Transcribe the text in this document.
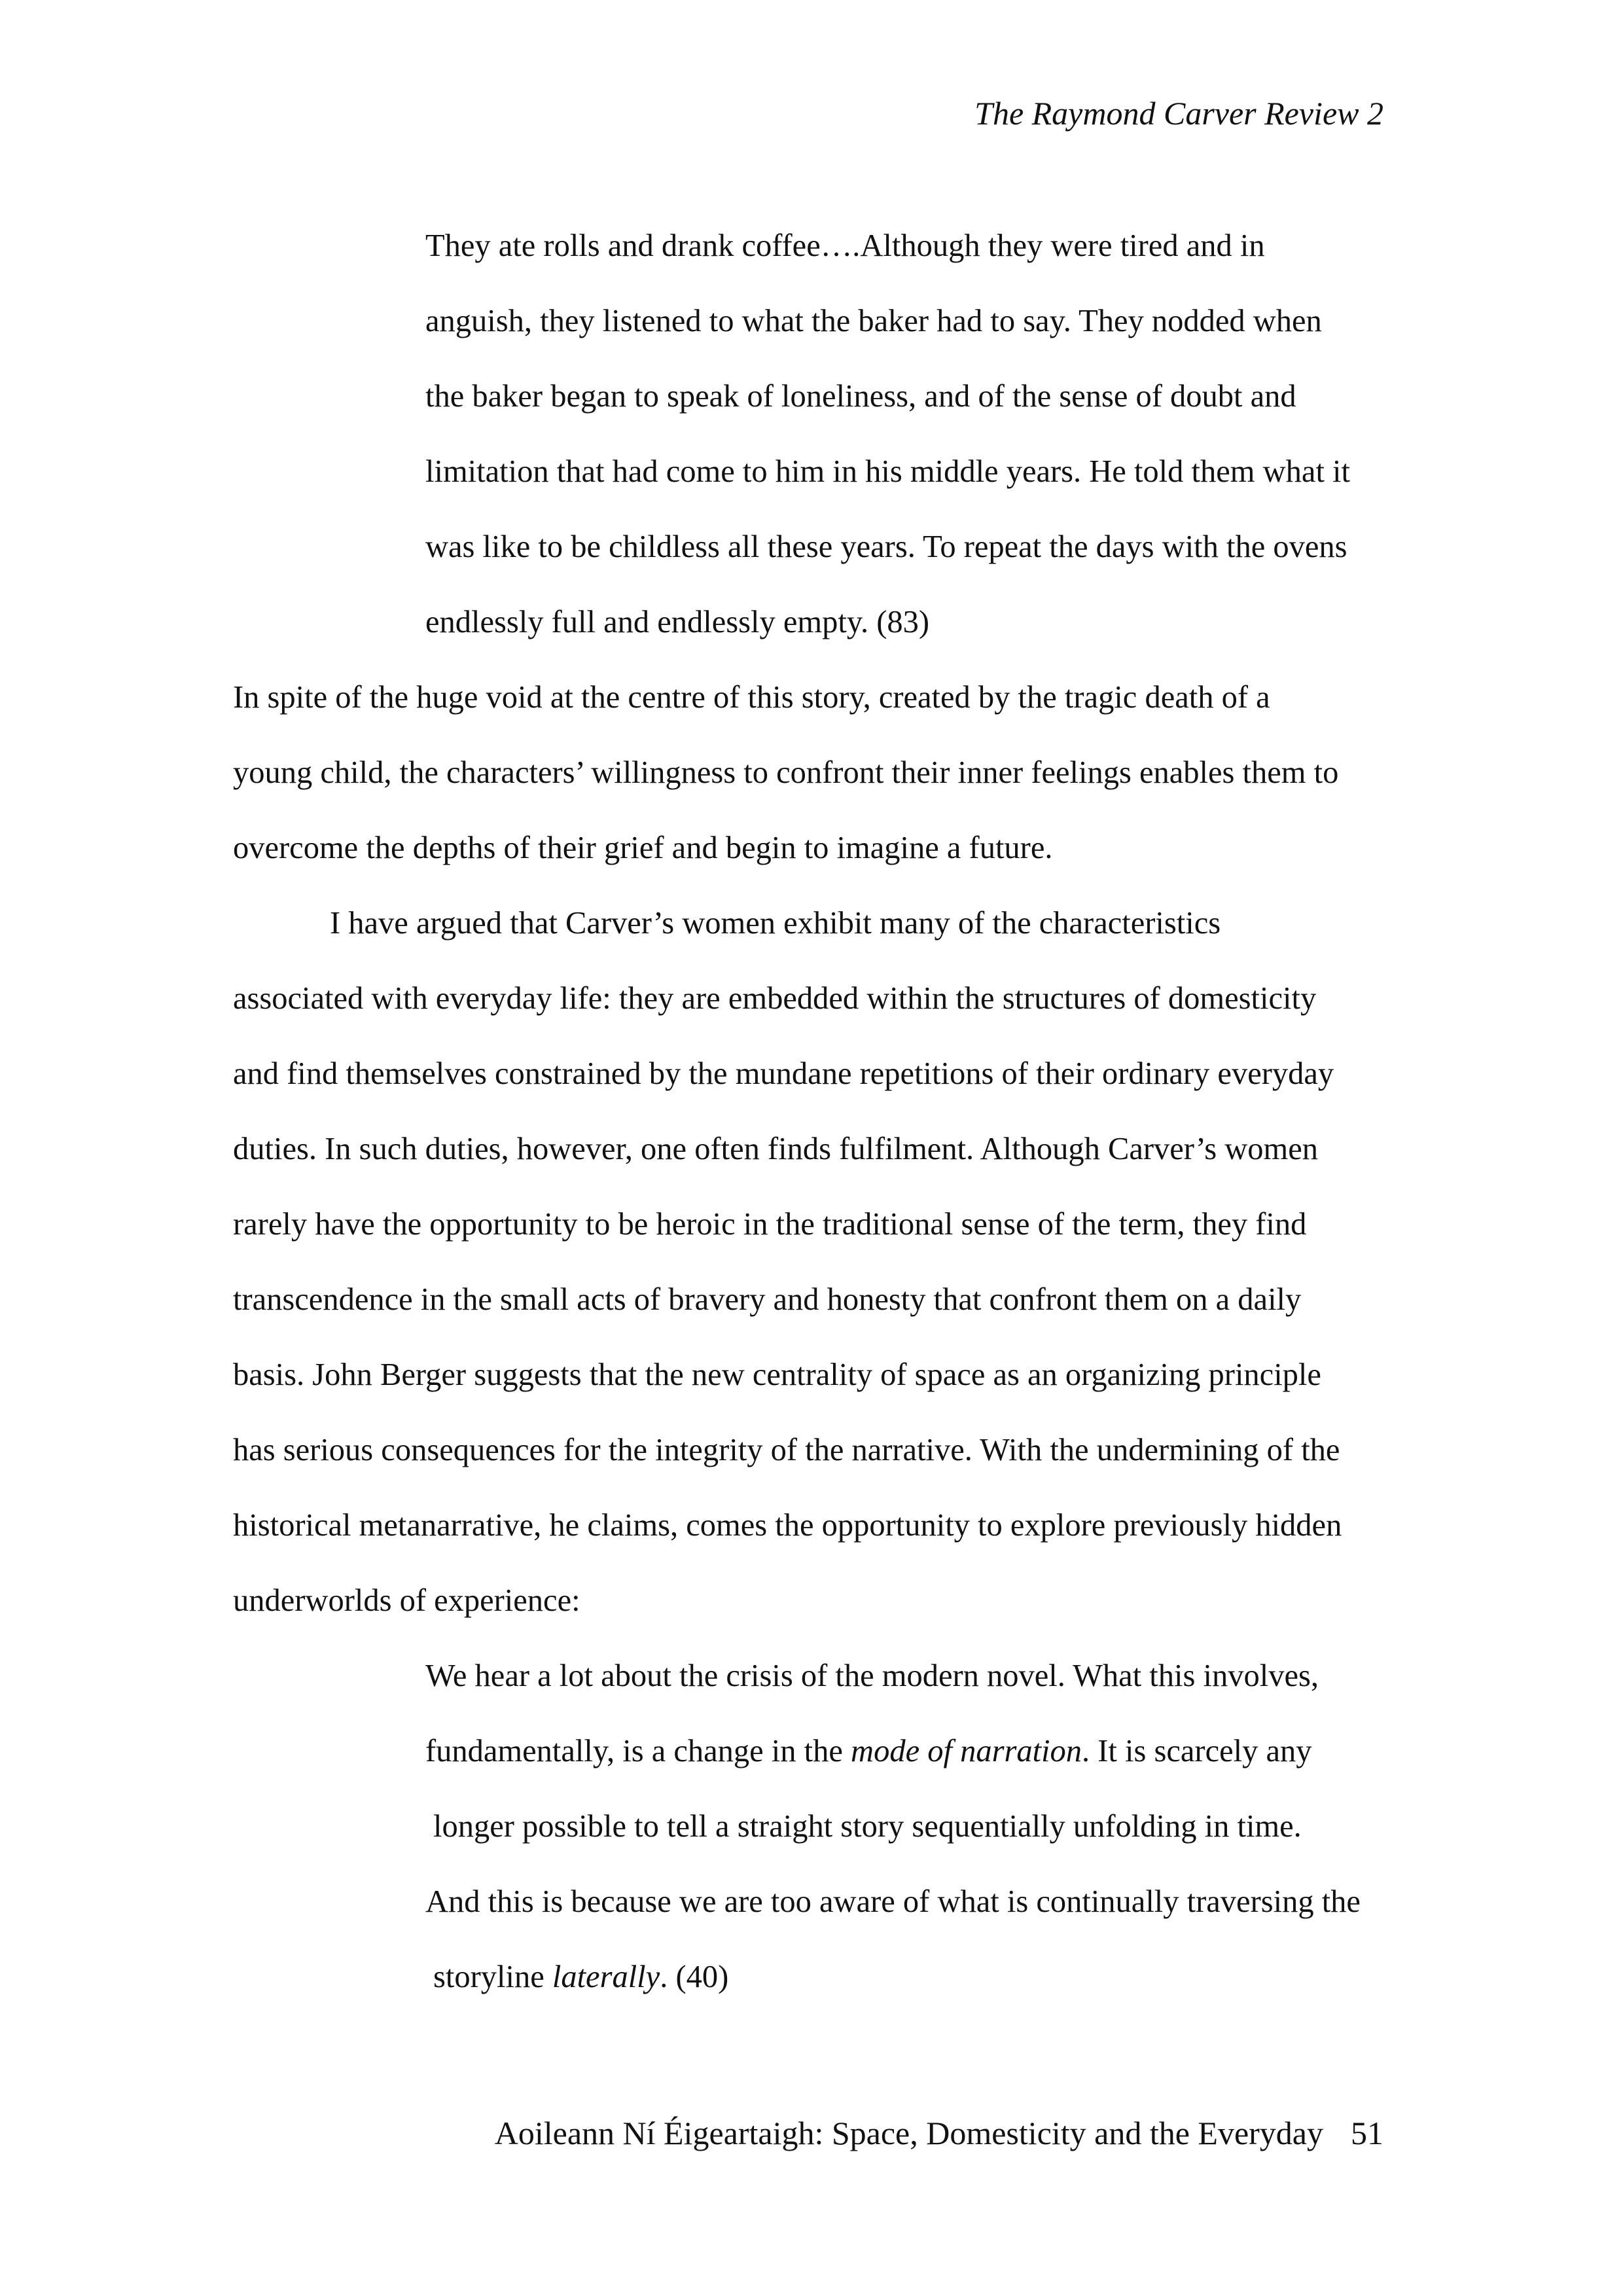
The Raymond Carver Review 2
They ate rolls and drank coffee….Although they were tired and in
anguish, they listened to what the baker had to say. They nodded when
the baker began to speak of loneliness, and of the sense of doubt and
limitation that had come to him in his middle years. He told them what it
was like to be childless all these years. To repeat the days with the ovens
endlessly full and endlessly empty. (83)
In spite of the huge void at the centre of this story, created by the tragic death of a
young child, the characters’ willingness to confront their inner feelings enables them to
overcome the depths of their grief and begin to imagine a future.
I have argued that Carver’s women exhibit many of the characteristics
associated with everyday life: they are embedded within the structures of domesticity
and find themselves constrained by the mundane repetitions of their ordinary everyday
duties. In such duties, however, one often finds fulfilment. Although Carver’s women
rarely have the opportunity to be heroic in the traditional sense of the term, they find
transcendence in the small acts of bravery and honesty that confront them on a daily
basis. John Berger suggests that the new centrality of space as an organizing principle
has serious consequences for the integrity of the narrative. With the undermining of the
historical metanarrative, he claims, comes the opportunity to explore previously hidden
underworlds of experience:
We hear a lot about the crisis of the modern novel. What this involves,
fundamentally, is a change in the mode of narration. It is scarcely any
longer possible to tell a straight story sequentially unfolding in time.
And this is because we are too aware of what is continually traversing the
storyline laterally. (40)
Aoileann Ní Éigeartaigh: Space, Domesticity and the Everyday 51
